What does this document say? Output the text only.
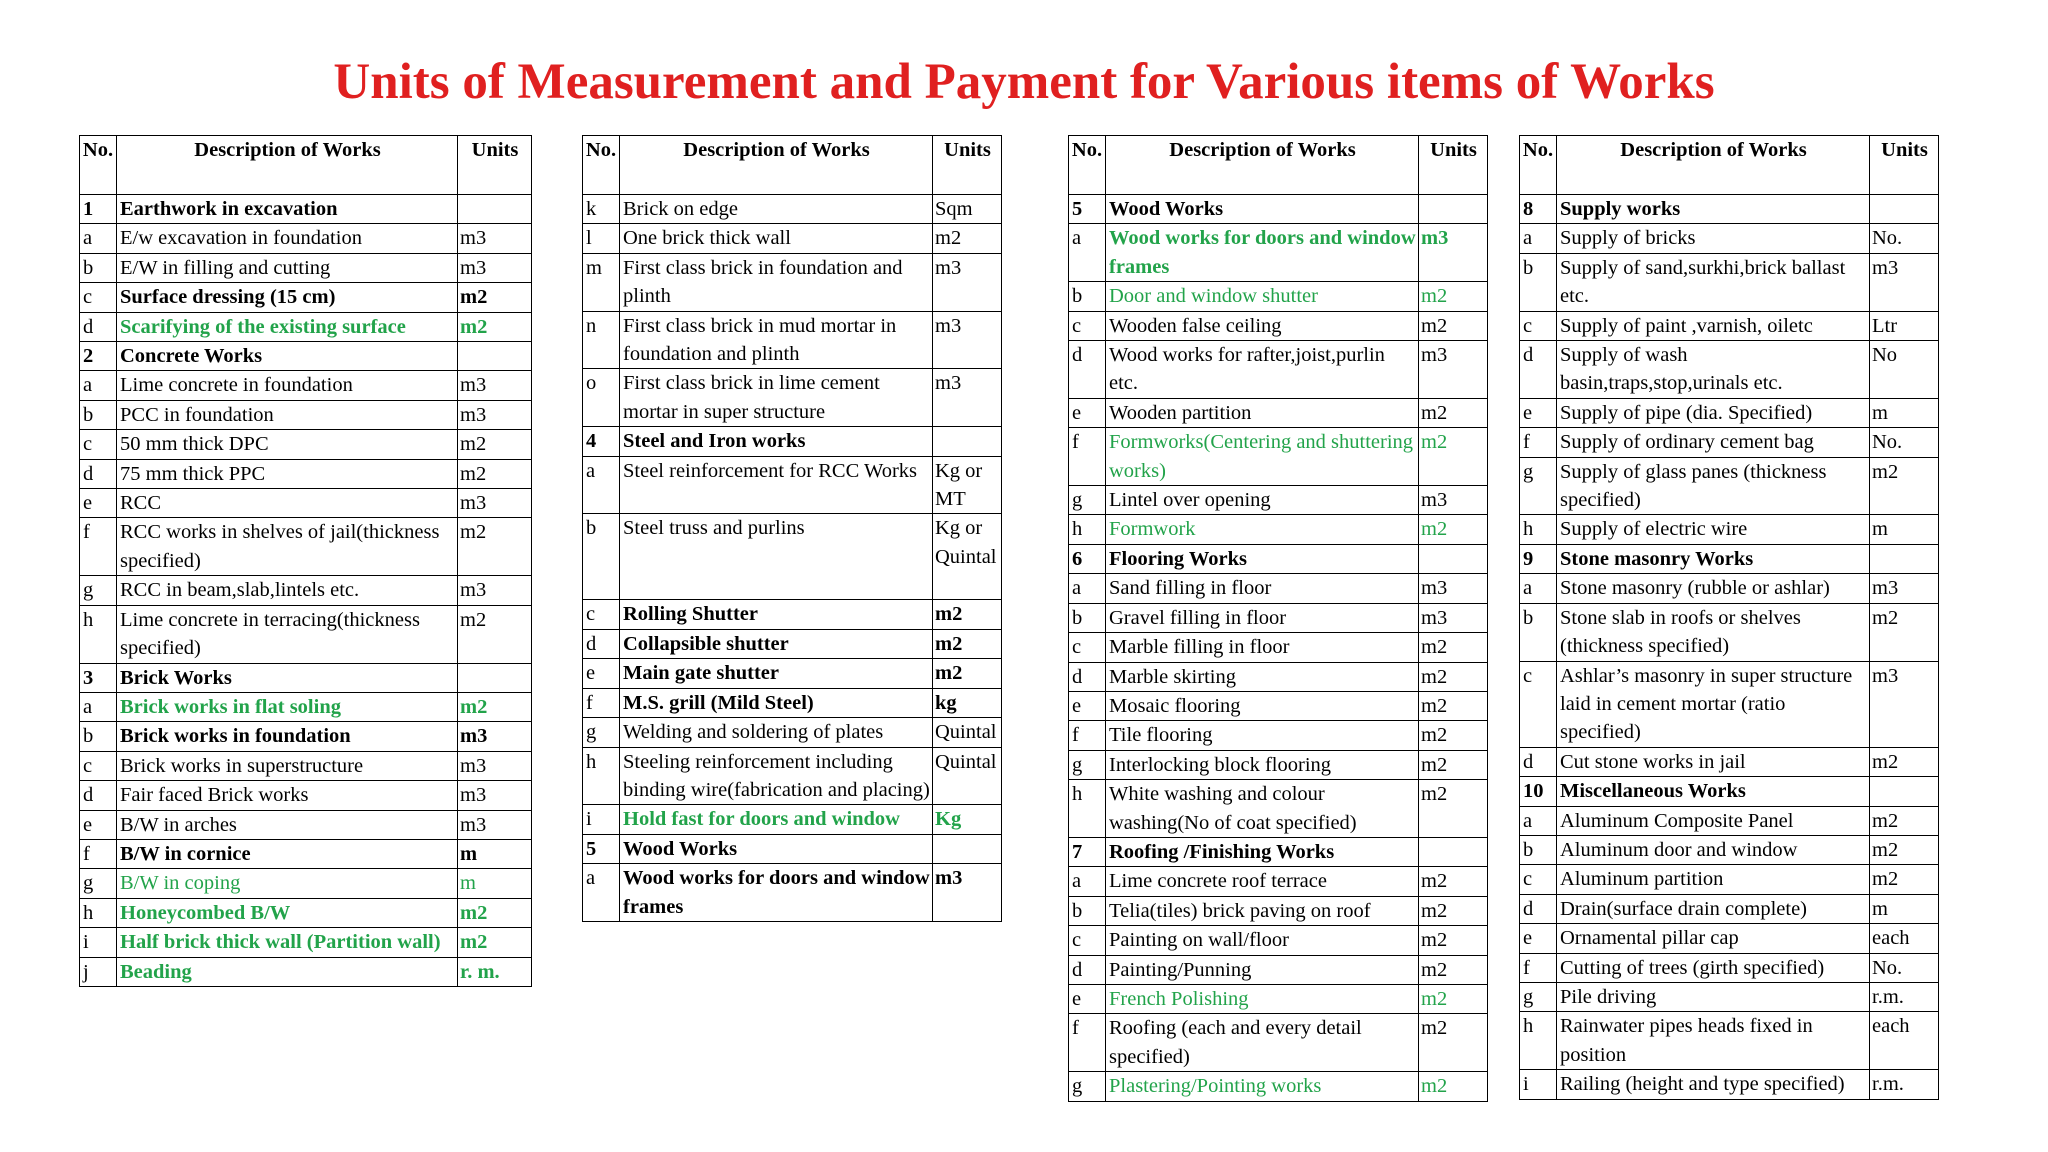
Units of Measurement and Payment for Various items of Works
No.	Description of Works	Units
1	Earthwork in excavation	
a	E/w excavation in foundation	m3
b	E/W in filling and cutting	m3
c	Surface dressing (15 cm)	m2
d	Scarifying of the existing surface	m2
2	Concrete Works	
a	Lime concrete in foundation	m3
b	PCC in foundation	m3
c	50 mm thick DPC	m2
d	75 mm thick PPC	m2
e	RCC	m3
f	RCC works in shelves of jail(thickness specified)	m2
g	RCC in beam,slab,lintels etc.	m3
h	Lime concrete in terracing(thickness specified)	m2
3	Brick Works	
a	Brick works in flat soling	m2
b	Brick works in foundation	m3
c	Brick works in superstructure	m3
d	Fair faced Brick works	m3
e	B/W in arches	m3
f	B/W in cornice	m
g	B/W in coping	m
h	Honeycombed B/W	m2
i	Half brick thick wall (Partition wall)	m2
j	Beading	r. m.
No.	Description of Works	Units
k	Brick on edge	Sqm
l	One brick thick wall	m2
m	First class brick in foundation and plinth	m3
n	First class brick in mud mortar in foundation and plinth	m3
o	First class brick in lime cement mortar in super structure	m3
4	Steel and Iron works	
a	Steel reinforcement for RCC Works	Kg or MT
b	Steel truss and purlins	Kg or Quintal
c	Rolling Shutter	m2
d	Collapsible shutter	m2
e	Main gate shutter	m2
f	M.S. grill (Mild Steel)	kg
g	Welding and soldering of plates	Quintal
h	Steeling reinforcement including binding wire(fabrication and placing)	Quintal
i	Hold fast for doors and window	Kg
5	Wood Works	
a	Wood works for doors and window frames	m3
No.	Description of Works	Units
5	Wood Works	
a	Wood works for doors and window frames	m3
b	Door and window shutter	m2
c	Wooden false ceiling	m2
d	Wood works for rafter,joist,purlin etc.	m3
e	Wooden partition	m2
f	Formworks(Centering and shuttering works)	m2
g	Lintel over opening	m3
h	Formwork	m2
6	Flooring Works	
a	Sand filling in floor	m3
b	Gravel filling in floor	m3
c	Marble filling in floor	m2
d	Marble skirting	m2
e	Mosaic flooring	m2
f	Tile flooring	m2
g	Interlocking block flooring	m2
h	White washing and colour washing(No of coat specified)	m2
7	Roofing /Finishing Works	
a	Lime concrete roof terrace	m2
b	Telia(tiles) brick paving on roof	m2
c	Painting on wall/floor	m2
d	Painting/Punning	m2
e	French Polishing	m2
f	Roofing (each and every detail specified)	m2
g	Plastering/Pointing works	m2
No.	Description of Works	Units
8	Supply works	
a	Supply of bricks	No.
b	Supply of sand,surkhi,brick ballast etc.	m3
c	Supply of paint ,varnish, oiletc	Ltr
d	Supply of wash basin,traps,stop,urinals etc.	No
e	Supply of pipe (dia. Specified)	m
f	Supply of ordinary cement bag	No.
g	Supply of glass panes (thickness specified)	m2
h	Supply of electric wire	m
9	Stone masonry Works	
a	Stone masonry (rubble or ashlar)	m3
b	Stone slab in roofs or shelves (thickness specified)	m2
c	Ashlar’s masonry in super structure laid in cement mortar (ratio specified)	m3
d	Cut stone works in jail	m2
10	Miscellaneous Works	
a	Aluminum Composite Panel	m2
b	Aluminum door and window	m2
c	Aluminum partition	m2
d	Drain(surface drain complete)	m
e	Ornamental pillar cap	each
f	Cutting of trees (girth specified)	No.
g	Pile driving	r.m.
h	Rainwater pipes heads fixed in position	each
i	Railing (height and type specified)	r.m.
